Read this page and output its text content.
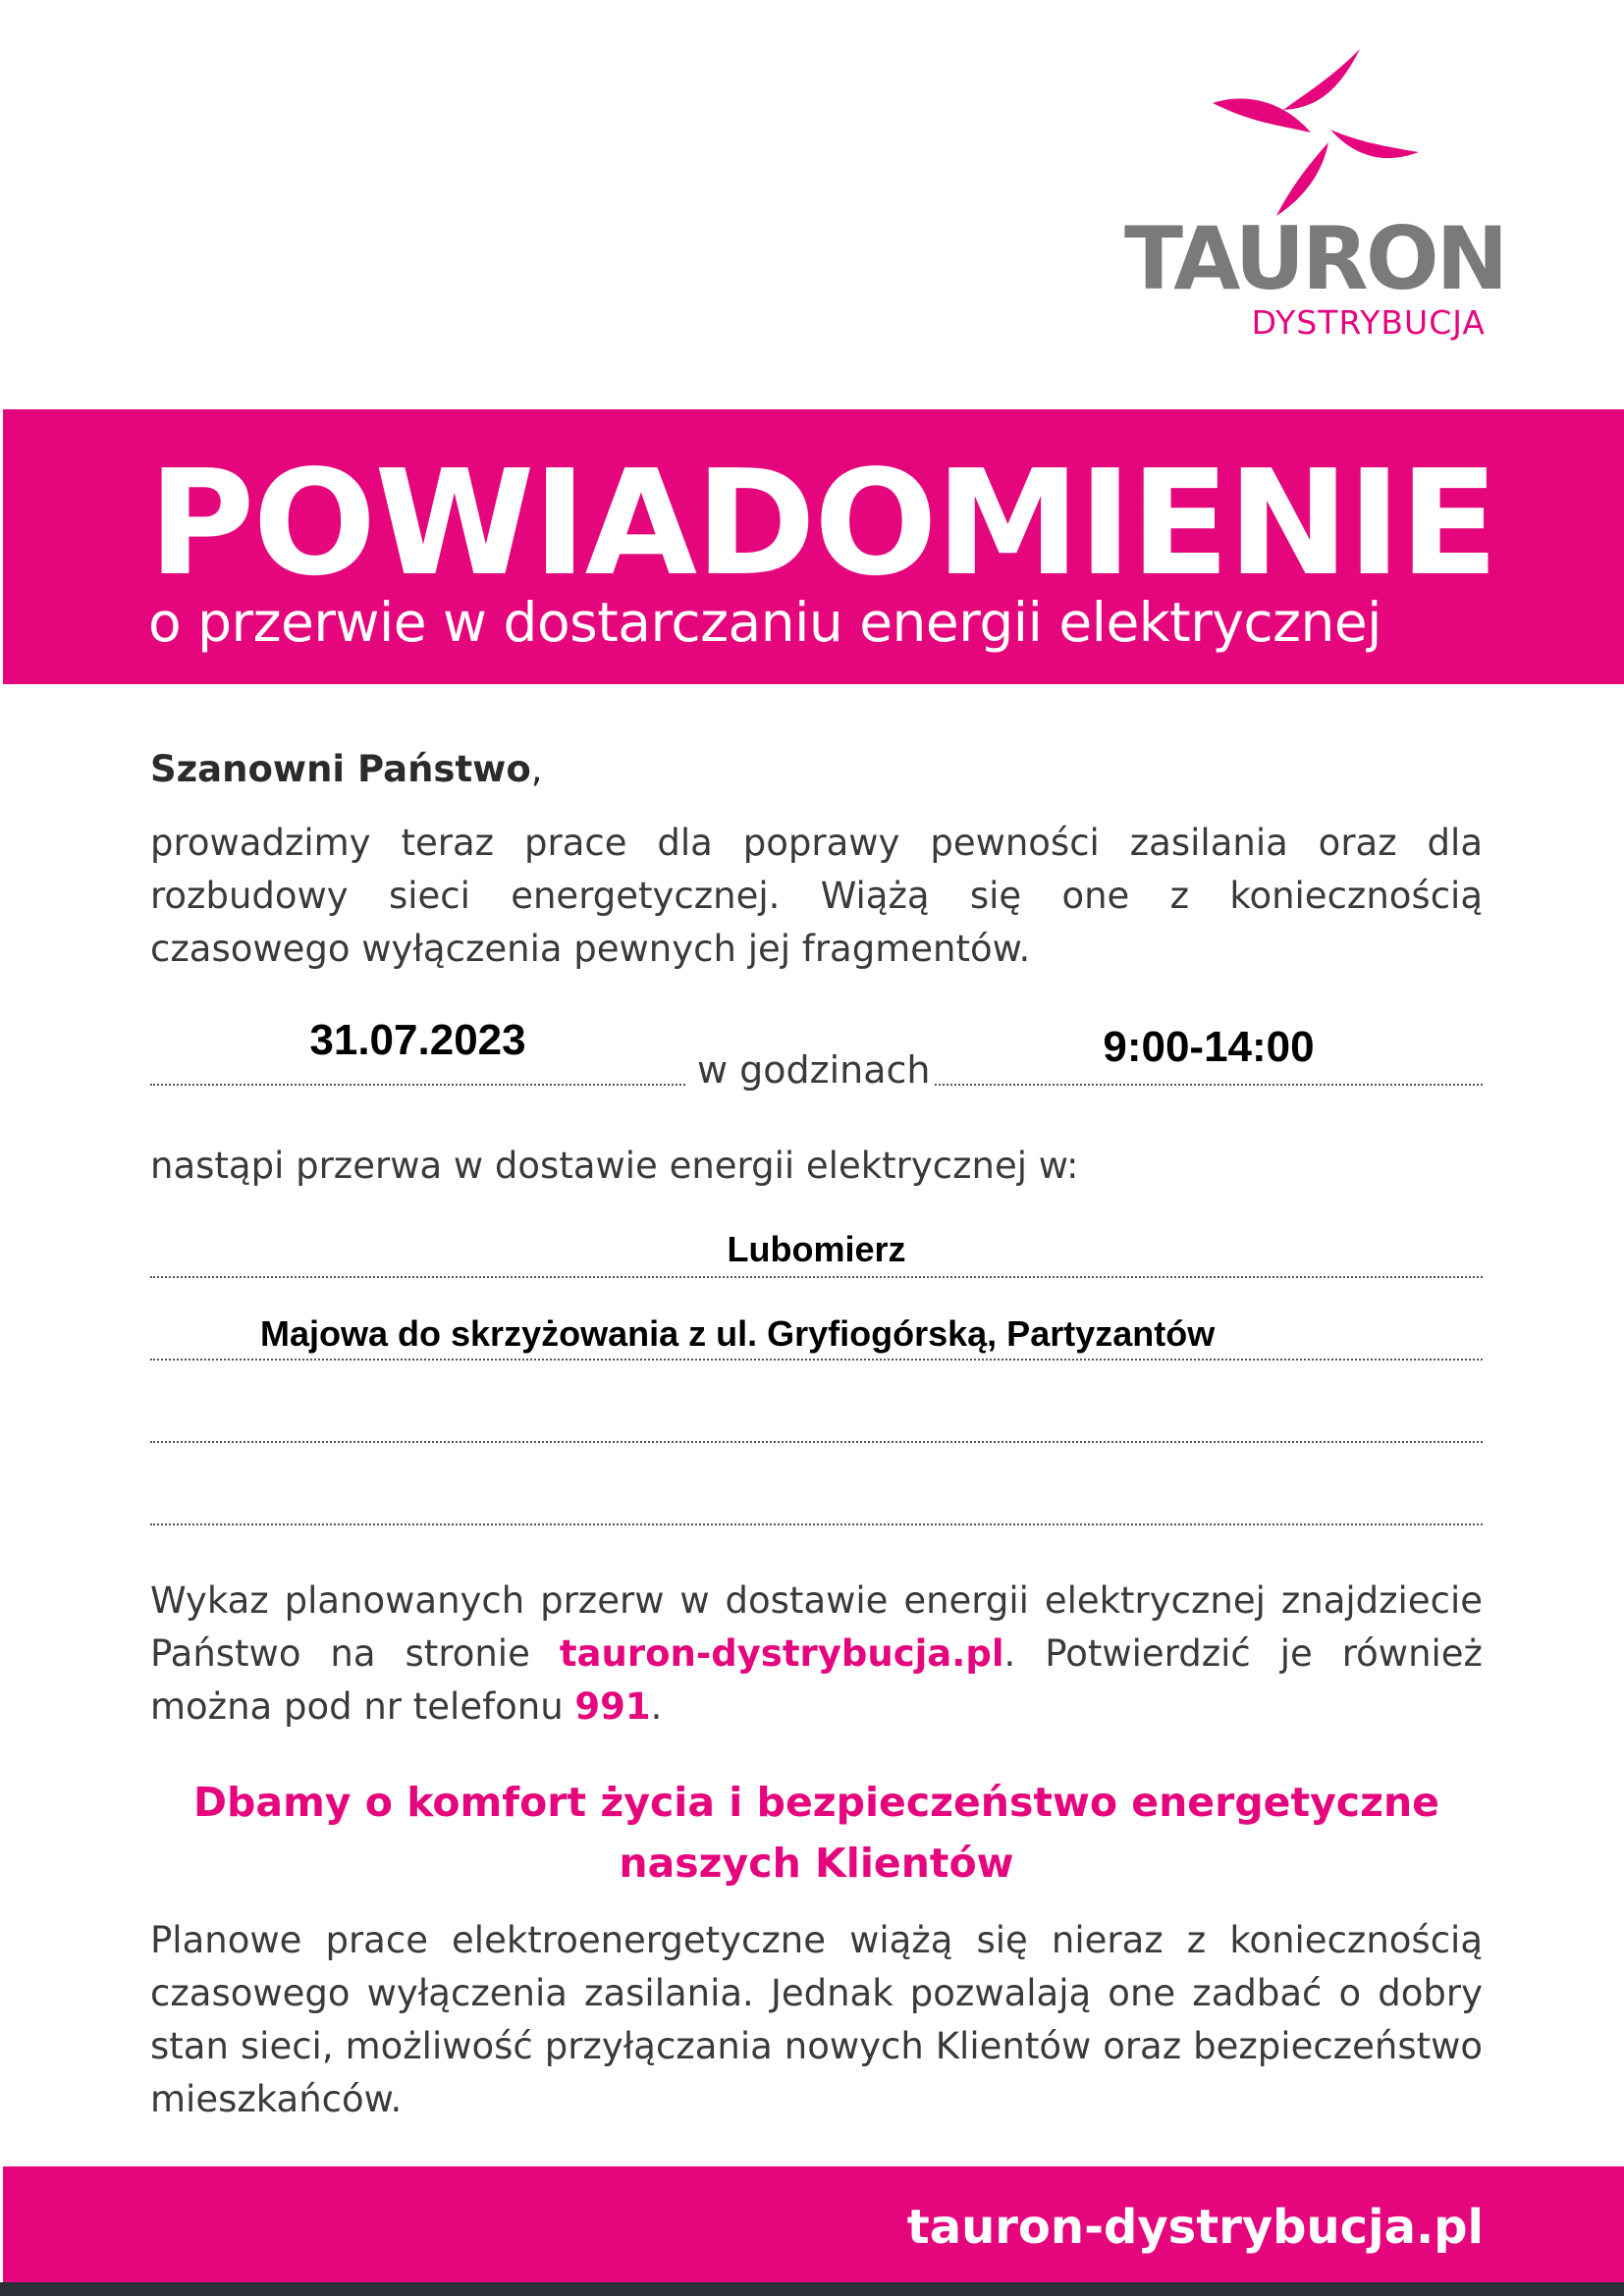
TAURON
DYSTRYBUCJA
POWIADOMIENIE
o przerwie w dostarczaniu energii elektrycznej
Szanowni Państwo,
prowadzimy teraz prace dla poprawy pewności zasilania oraz dla rozbudowy sieci energetycznej. Wiążą się one z koniecznością czasowego wyłączenia pewnych jej fragmentów.
31.07.2023
w godzinach	9:00-14:00
nastąpi przerwa w dostawie energii elektrycznej w:
Lubomierz
Majowa do skrzyżowania z ul. Gryfiogórską, Partyzantów
Wykaz planowanych przerw w dostawie energii elektrycznej znajdziecie Państwo na stronie tauron-dystrybucja.pl. Potwierdzić je również można pod nr telefonu 991.
Dbamy o komfort życia i bezpieczeństwo energetyczne
naszych Klientów
Planowe prace elektroenergetyczne wiążą się nieraz z koniecznością czasowego wyłączenia zasilania. Jednak pozwalają one zadbać o dobry stan sieci, możliwość przyłączania nowych Klientów oraz bezpieczeństwo mieszkańców.
tauron-dystrybucja.pl
